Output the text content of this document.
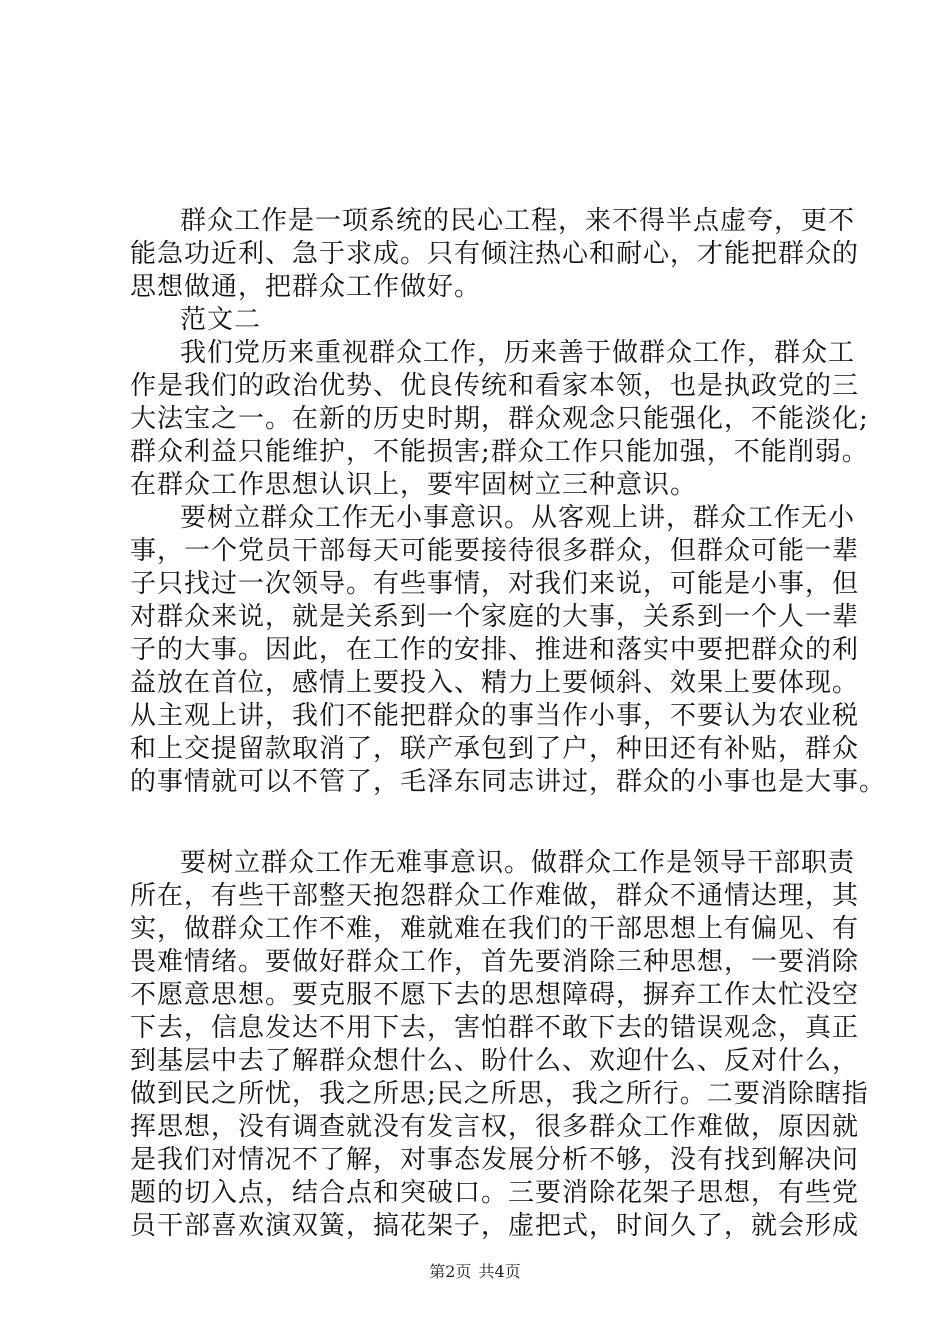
群众工作是一项系统的民心工程，来不得半点虚夸，更不
能急功近利、急于求成。只有倾注热心和耐心，才能把群众的
思想做通，把群众工作做好。
范文二
我们党历来重视群众工作，历来善于做群众工作，群众工
作是我们的政治优势、优良传统和看家本领，也是执政党的三
大法宝之一。在新的历史时期，群众观念只能强化，不能淡化;
群众利益只能维护，不能损害;群众工作只能加强，不能削弱。
在群众工作思想认识上，要牢固树立三种意识。
要树立群众工作无小事意识。从客观上讲，群众工作无小
事，一个党员干部每天可能要接待很多群众，但群众可能一辈
子只找过一次领导。有些事情，对我们来说，可能是小事，但
对群众来说，就是关系到一个家庭的大事，关系到一个人一辈
子的大事。因此，在工作的安排、推进和落实中要把群众的利
益放在首位，感情上要投入、精力上要倾斜、效果上要体现。
从主观上讲，我们不能把群众的事当作小事，不要认为农业税
和上交提留款取消了，联产承包到了户，种田还有补贴，群众
的事情就可以不管了，毛泽东同志讲过，群众的小事也是大事。
要树立群众工作无难事意识。做群众工作是领导干部职责
所在，有些干部整天抱怨群众工作难做，群众不通情达理，其
实，做群众工作不难，难就难在我们的干部思想上有偏见、有
畏难情绪。要做好群众工作，首先要消除三种思想，一要消除
不愿意思想。要克服不愿下去的思想障碍，摒弃工作太忙没空
下去，信息发达不用下去，害怕群不敢下去的错误观念，真正
到基层中去了解群众想什么、盼什么、欢迎什么、反对什么，
做到民之所忧，我之所思;民之所思，我之所行。二要消除瞎指
挥思想，没有调查就没有发言权，很多群众工作难做，原因就
是我们对情况不了解，对事态发展分析不够，没有找到解决问
题的切入点，结合点和突破口。三要消除花架子思想，有些党
员干部喜欢演双簧，搞花架子，虚把式，时间久了，就会形成
第2页 共4页
